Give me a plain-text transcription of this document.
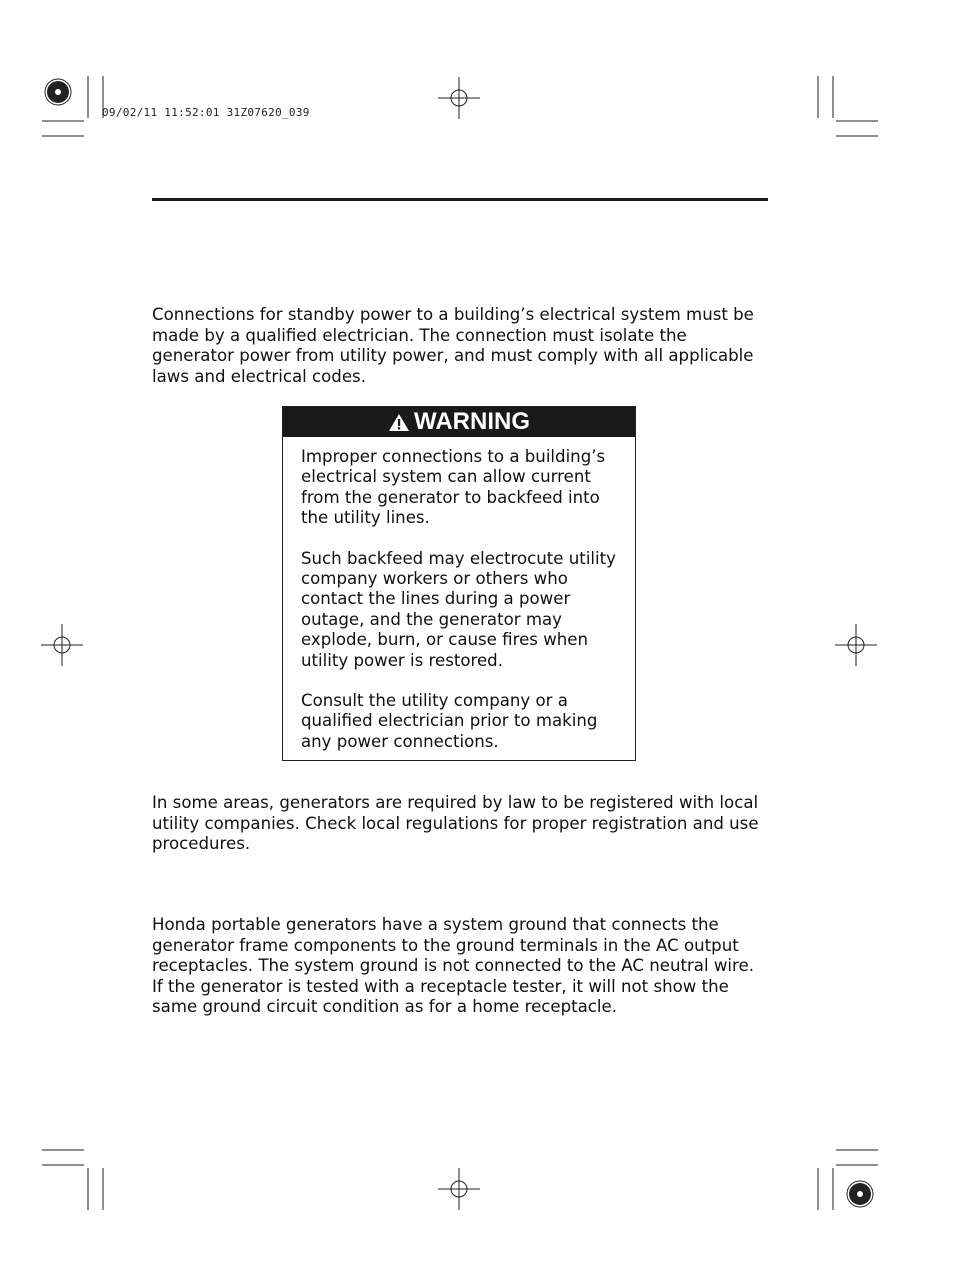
09/02/11 11:52:01 31Z07620_039
Connections for standby power to a building’s electrical system must be made by a qualified electrician. The connection must isolate the generator power from utility power, and must comply with all applicable laws and electrical codes.
WARNING

Improper connections to a building’s electrical system can allow current from the generator to backfeed into the utility lines.

Such backfeed may electrocute utility company workers or others who contact the lines during a power outage, and the generator may explode, burn, or cause fires when utility power is restored.

Consult the utility company or a qualified electrician prior to making any power connections.

In some areas, generators are required by law to be registered with local utility companies. Check local regulations for proper registration and use procedures.
Honda portable generators have a system ground that connects the generator frame components to the ground terminals in the AC output receptacles. The system ground is not connected to the AC neutral wire. If the generator is tested with a receptacle tester, it will not show the same ground circuit condition as for a home receptacle.
